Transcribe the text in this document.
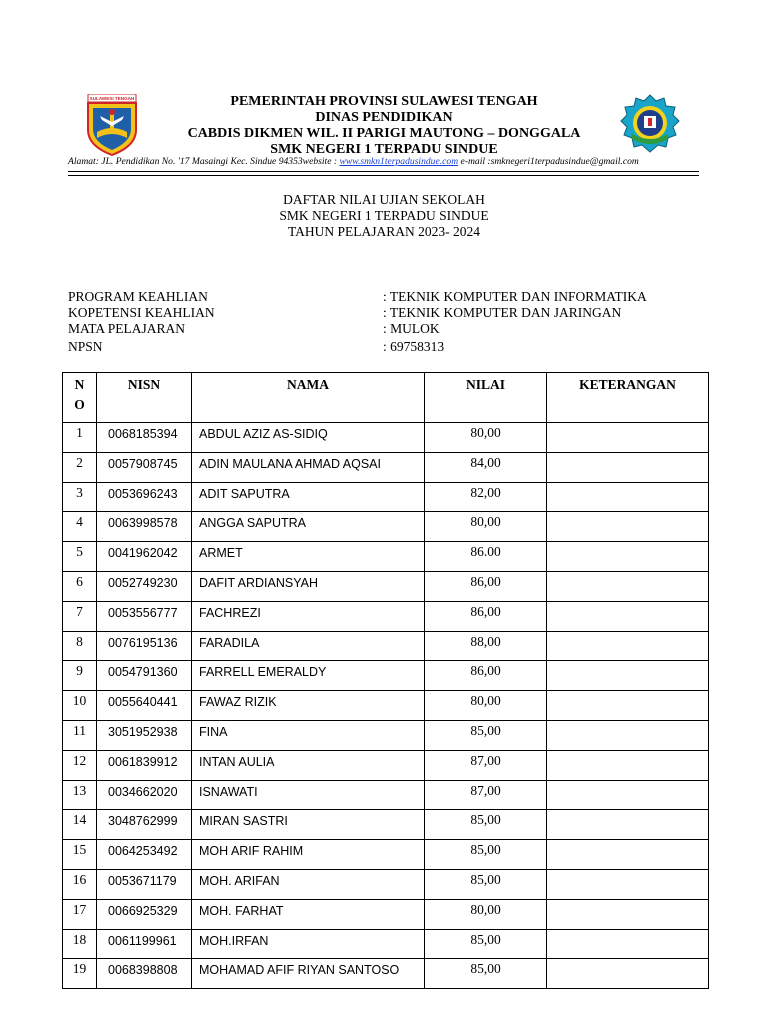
SULAWESI TENGAH	PEMERINTAH PROVINSI SULAWESI TENGAH
DINAS PENDIDIKAN
CABDIS DIKMEN WIL. II PARIGI MAUTONG – DONGGALA
SMK NEGERI 1 TERPADU SINDUE
Alamat: JL. Pendidikan No. '17 Masaingi Kec. Sindue 94353website : www.smkn1terpadusindue.com e-mail :smknegeri1terpadusindue@gmail.com
DAFTAR NILAI UJIAN SEKOLAH
SMK NEGERI 1 TERPADU SINDUE
TAHUN PELAJARAN 2023- 2024
PROGRAM KEAHLIAN	: TEKNIK KOMPUTER DAN INFORMATIKA
KOPETENSI KEAHLIAN	: TEKNIK KOMPUTER DAN JARINGAN
MATA PELAJARAN	: MULOK
NPSN	: 69758313
N
O	NISN	NAMA	NILAI	KETERANGAN
1	0068185394	ABDUL AZIZ AS-SIDIQ	80,00	
2	0057908745	ADIN MAULANA AHMAD AQSAI	84,00	
3	0053696243	ADIT SAPUTRA	82,00	
4	0063998578	ANGGA SAPUTRA	80,00	
5	0041962042	ARMET	86.00	
6	0052749230	DAFIT ARDIANSYAH	86,00	
7	0053556777	FACHREZI	86,00	
8	0076195136	FARADILA	88,00	
9	0054791360	FARRELL EMERALDY	86,00	
10	0055640441	FAWAZ RIZIK	80,00	
11	3051952938	FINA	85,00	
12	0061839912	INTAN AULIA	87,00	
13	0034662020	ISNAWATI	87,00	
14	3048762999	MIRAN SASTRI	85,00	
15	0064253492	MOH ARIF RAHIM	85,00	
16	0053671179	MOH. ARIFAN	85,00	
17	0066925329	MOH. FARHAT	80,00	
18	0061199961	MOH.IRFAN	85,00	
19	0068398808	MOHAMAD AFIF RIYAN SANTOSO	85,00	
